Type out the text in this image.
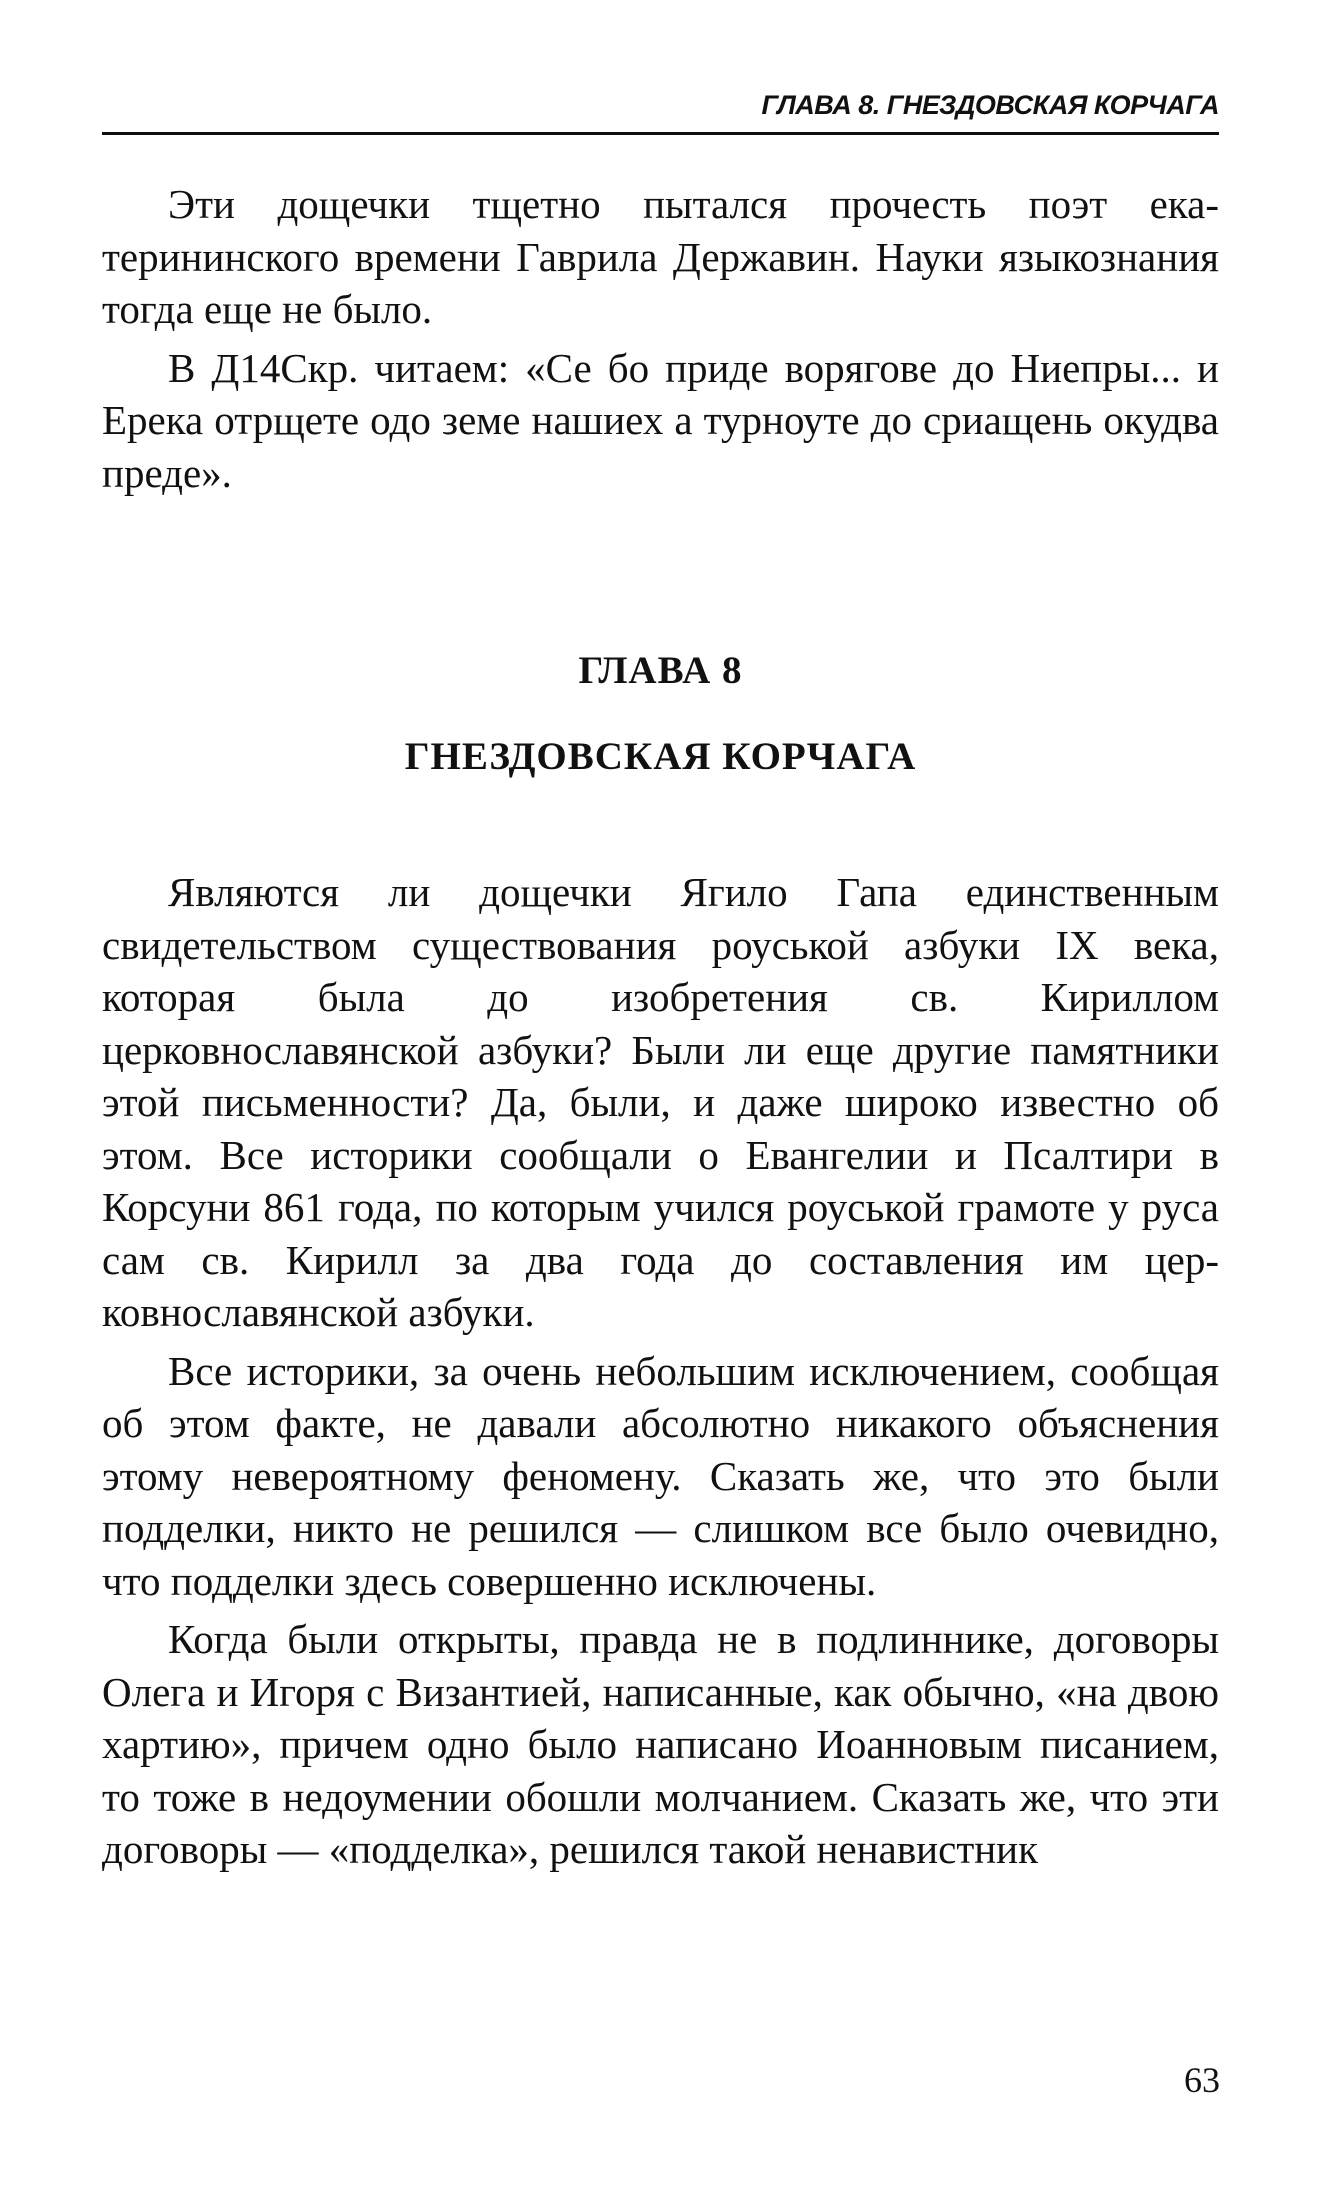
ГЛАВА 8. ГНЕЗДОВСКАЯ КОРЧАГА

Эти дощечки тщетно пытался прочесть поэт екатерининского времени Гаврила Державин. Науки языкознания тогда еще не было.

В Д14Скр. читаем: «Се бо приде ворягове до Ниепры... и Ерека отрщете одо земе нашиех а турноуте до сриащень окудва преде».

ГЛАВА 8
ГНЕЗДОВСКАЯ КОРЧАГА

Являются ли дощечки Ягило Гапа единственным свидетельством существования роуськой азбуки IX века, которая была до изобретения св. Кириллом церковнославянской азбуки? Были ли еще другие памятники этой письменности? Да, были, и даже широко известно об этом. Все историки сообщали о Евангелии и Псалтири в Корсуни 861 года, по которым учился роуськой грамоте у руса сам св. Кирилл за два года до составления им церковнославянской азбуки.

Все историки, за очень небольшим исключением, сообщая об этом факте, не давали абсолютно никакого объяснения этому невероятному феномену. Сказать же, что это были подделки, никто не решился — слишком все было очевидно, что подделки здесь совершенно исключены.

Когда были открыты, правда не в подлиннике, договоры Олега и Игоря с Византией, написанные, как обычно, «на двою хартию», причем одно было написано Иоанновым писанием, то тоже в недоумении обошли молчанием. Сказать же, что эти договоры — «подделка», решился такой ненавистник

63
